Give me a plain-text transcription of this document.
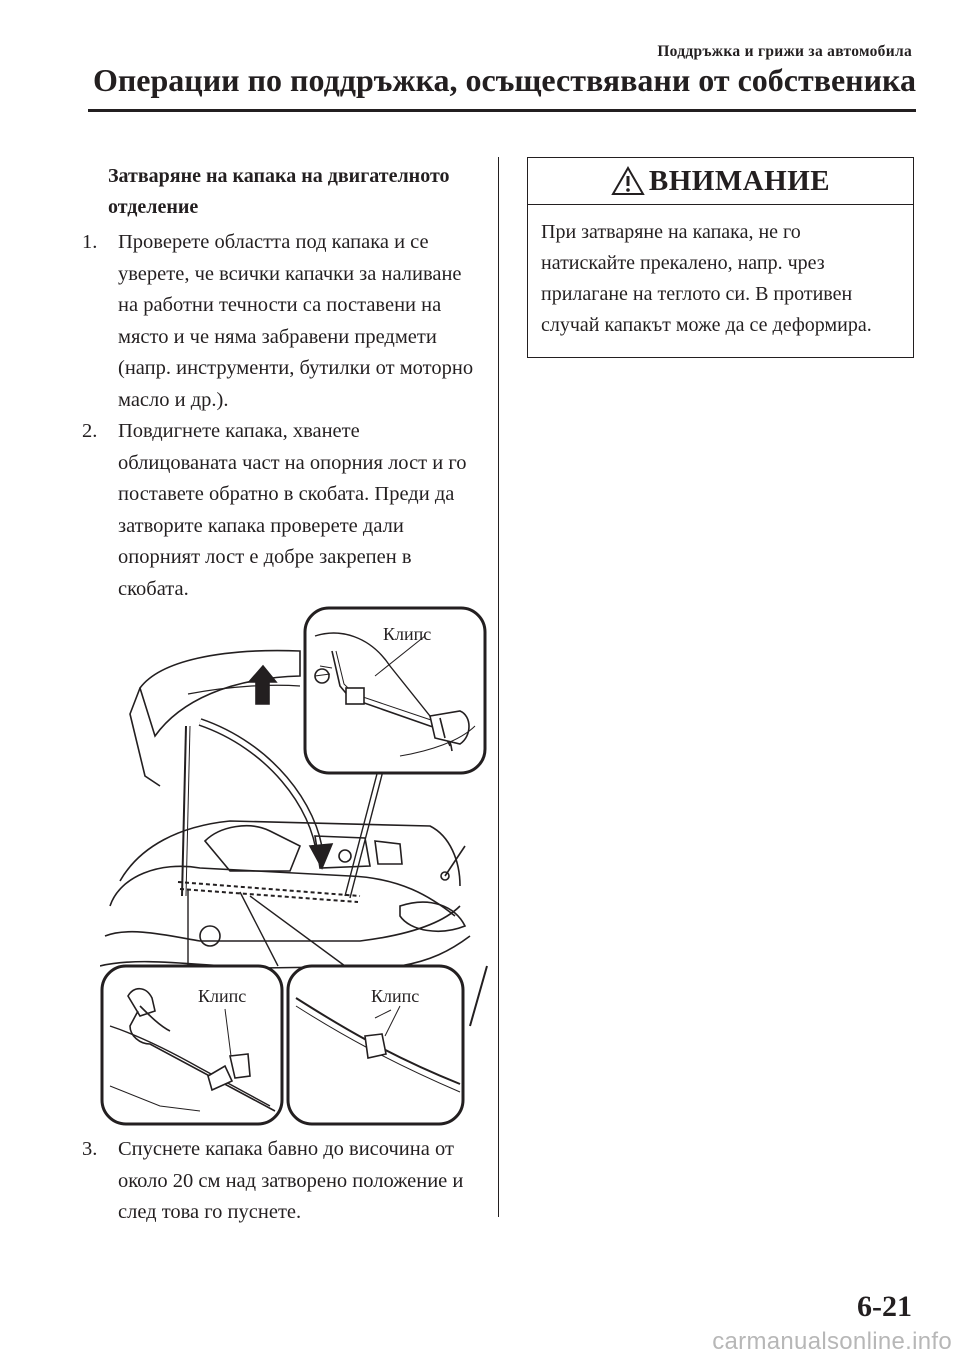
Поддръжка и грижи за автомобила
Операции по поддръжка, осъществявани от собственика
Затваряне на капака на двигателното отделение
1. Проверете областта под капака и се уверете, че всички капачки за наливане на работни течности са поставени на място и че няма забравени предмети (напр. инструменти, бутилки от моторно масло и др.).
2. Повдигнете капака, хванете облицованата част на опорния лост и го поставете обратно в скобата. Преди да затворите капака проверете дали опорният лост е добре закрепен в скобата.
Клипс
Клипс	Клипс
3. Спуснете капака бавно до височина от около 20 см над затворено положение и след това го пуснете.
ВНИМАНИЕ
При затваряне на капака, не го натискайте прекалено, напр. чрез прилагане на теглото си. В противен случай капакът може да се деформира.
6-21
carmanualsonline.info
